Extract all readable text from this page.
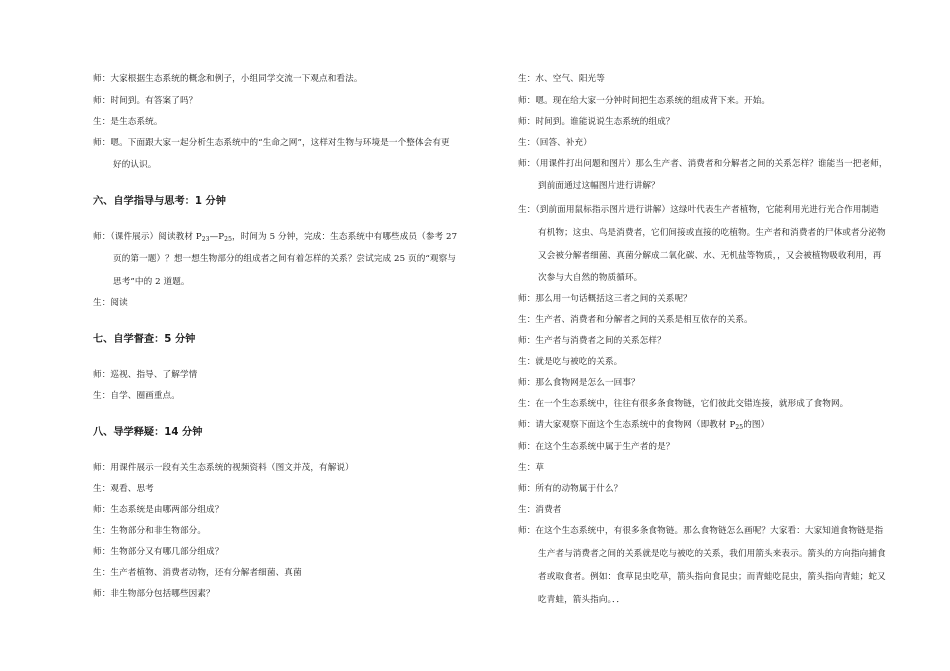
师：大家根据生态系统的概念和例子，小组同学交流一下观点和看法。
师：时间到。有答案了吗？
生：是生态系统。
师：嗯。下面跟大家一起分析生态系统中的“生命之网”，这样对生物与环境是一个整体会有更
好的认识。
六、自学指导与思考：1 分钟
师：（课件展示）阅读教材 $P_{23}—P_{25}$，时间为 5 分钟，完成：生态系统中有哪些成员（参考 27
页的第一题）？想一想生物部分的组成者之间有着怎样的关系？尝试完成 25 页的“观察与
思考”中的 2 道题。
生：阅读
七、自学督查：5 分钟
师：巡视、指导、了解学情
生：自学、圈画重点。
八、导学释疑：14 分钟
师：用课件展示一段有关生态系统的视频资料（图文并茂，有解说）
生：观看、思考
师：生态系统是由哪两部分组成？
生：生物部分和非生物部分。
师：生物部分又有哪几部分组成？
生：生产者植物、消费者动物，还有分解者细菌、真菌
师：非生物部分包括哪些因素？
生：水、空气、阳光等
师：嗯。现在给大家一分钟时间把生态系统的组成背下来。开始。
师：时间到。谁能说说生态系统的组成？
生：（回答、补充）
师：（用课件打出问题和图片）那么生产者、消费者和分解者之间的关系怎样？谁能当一把老师，
到前面通过这幅图片进行讲解？
生：（到前面用鼠标指示图片进行讲解）这绿叶代表生产者植物，它能利用光进行光合作用制造
有机物；这虫、鸟是消费者，它们间接或直接的吃植物。生产者和消费者的尸体或者分泌物
又会被分解者细菌、真菌分解成二氧化碳、水、无机盐等物质，，又会被植物吸收利用，再
次参与大自然的物质循环。
师：那么用一句话概括这三者之间的关系呢？
生：生产者、消费者和分解者之间的关系是相互依存的关系。
师：生产者与消费者之间的关系怎样？
生：就是吃与被吃的关系。
师：那么食物网是怎么一回事？
生：在一个生态系统中，往往有很多条食物链，它们彼此交错连接，就形成了食物网。
师：请大家观察下面这个生态系统中的食物网（即教材 $P_{25}$的图）
师：在这个生态系统中属于生产者的是？
生：草
师：所有的动物属于什么？
生：消费者
师：在这个生态系统中，有很多条食物链。那么食物链怎么画呢？大家看：大家知道食物链是指
生产者与消费者之间的关系就是吃与被吃的关系，我们用箭头来表示。箭头的方向指向捕食
者或取食者。例如：食草昆虫吃草，箭头指向食昆虫；而青蛙吃昆虫，箭头指向青蛙；蛇又
吃青蛙，箭头指向。．．
